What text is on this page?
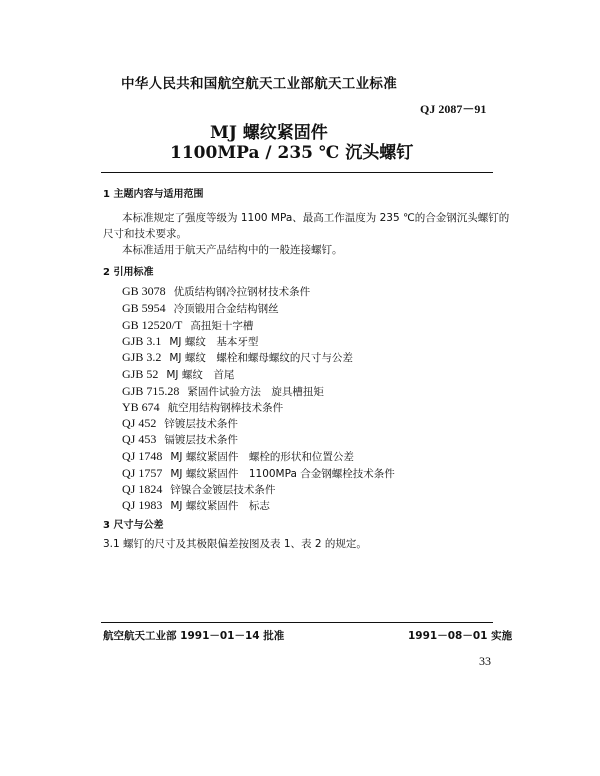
中华人民共和国航空航天工业部航天工业标准
QJ 2087－91
MJ 螺纹紧固件
1100MPa / 235 ℃ 沉头螺钉
1 主题内容与适用范围
本标准规定了强度等级为 1100 MPa、最高工作温度为 235 ℃的合金钢沉头螺钉的
尺寸和技术要求。
本标准适用于航天产品结构中的一般连接螺钉。
2 引用标准
GB 3078 优质结构钢冷拉钢材技术条件
GB 5954 冷顶锻用合金结构钢丝
GB 12520/T 高扭矩十字槽
GJB 3.1 MJ 螺纹　基本牙型
GJB 3.2 MJ 螺纹　螺栓和螺母螺纹的尺寸与公差
GJB 52 MJ 螺纹　首尾
GJB 715.28 紧固件试验方法　旋具槽扭矩
YB 674 航空用结构钢棒技术条件
QJ 452 锌镀层技术条件
QJ 453 镉镀层技术条件
QJ 1748 MJ 螺纹紧固件　螺栓的形状和位置公差
QJ 1757 MJ 螺纹紧固件　1100MPa 合金钢螺栓技术条件
QJ 1824 锌镍合金镀层技术条件
QJ 1983 MJ 螺纹紧固件　标志
3 尺寸与公差
3.1 螺钉的尺寸及其极限偏差按图及表 1、表 2 的规定。
航空航天工业部 1991－01－14 批准	1991－08－01 实施
33
